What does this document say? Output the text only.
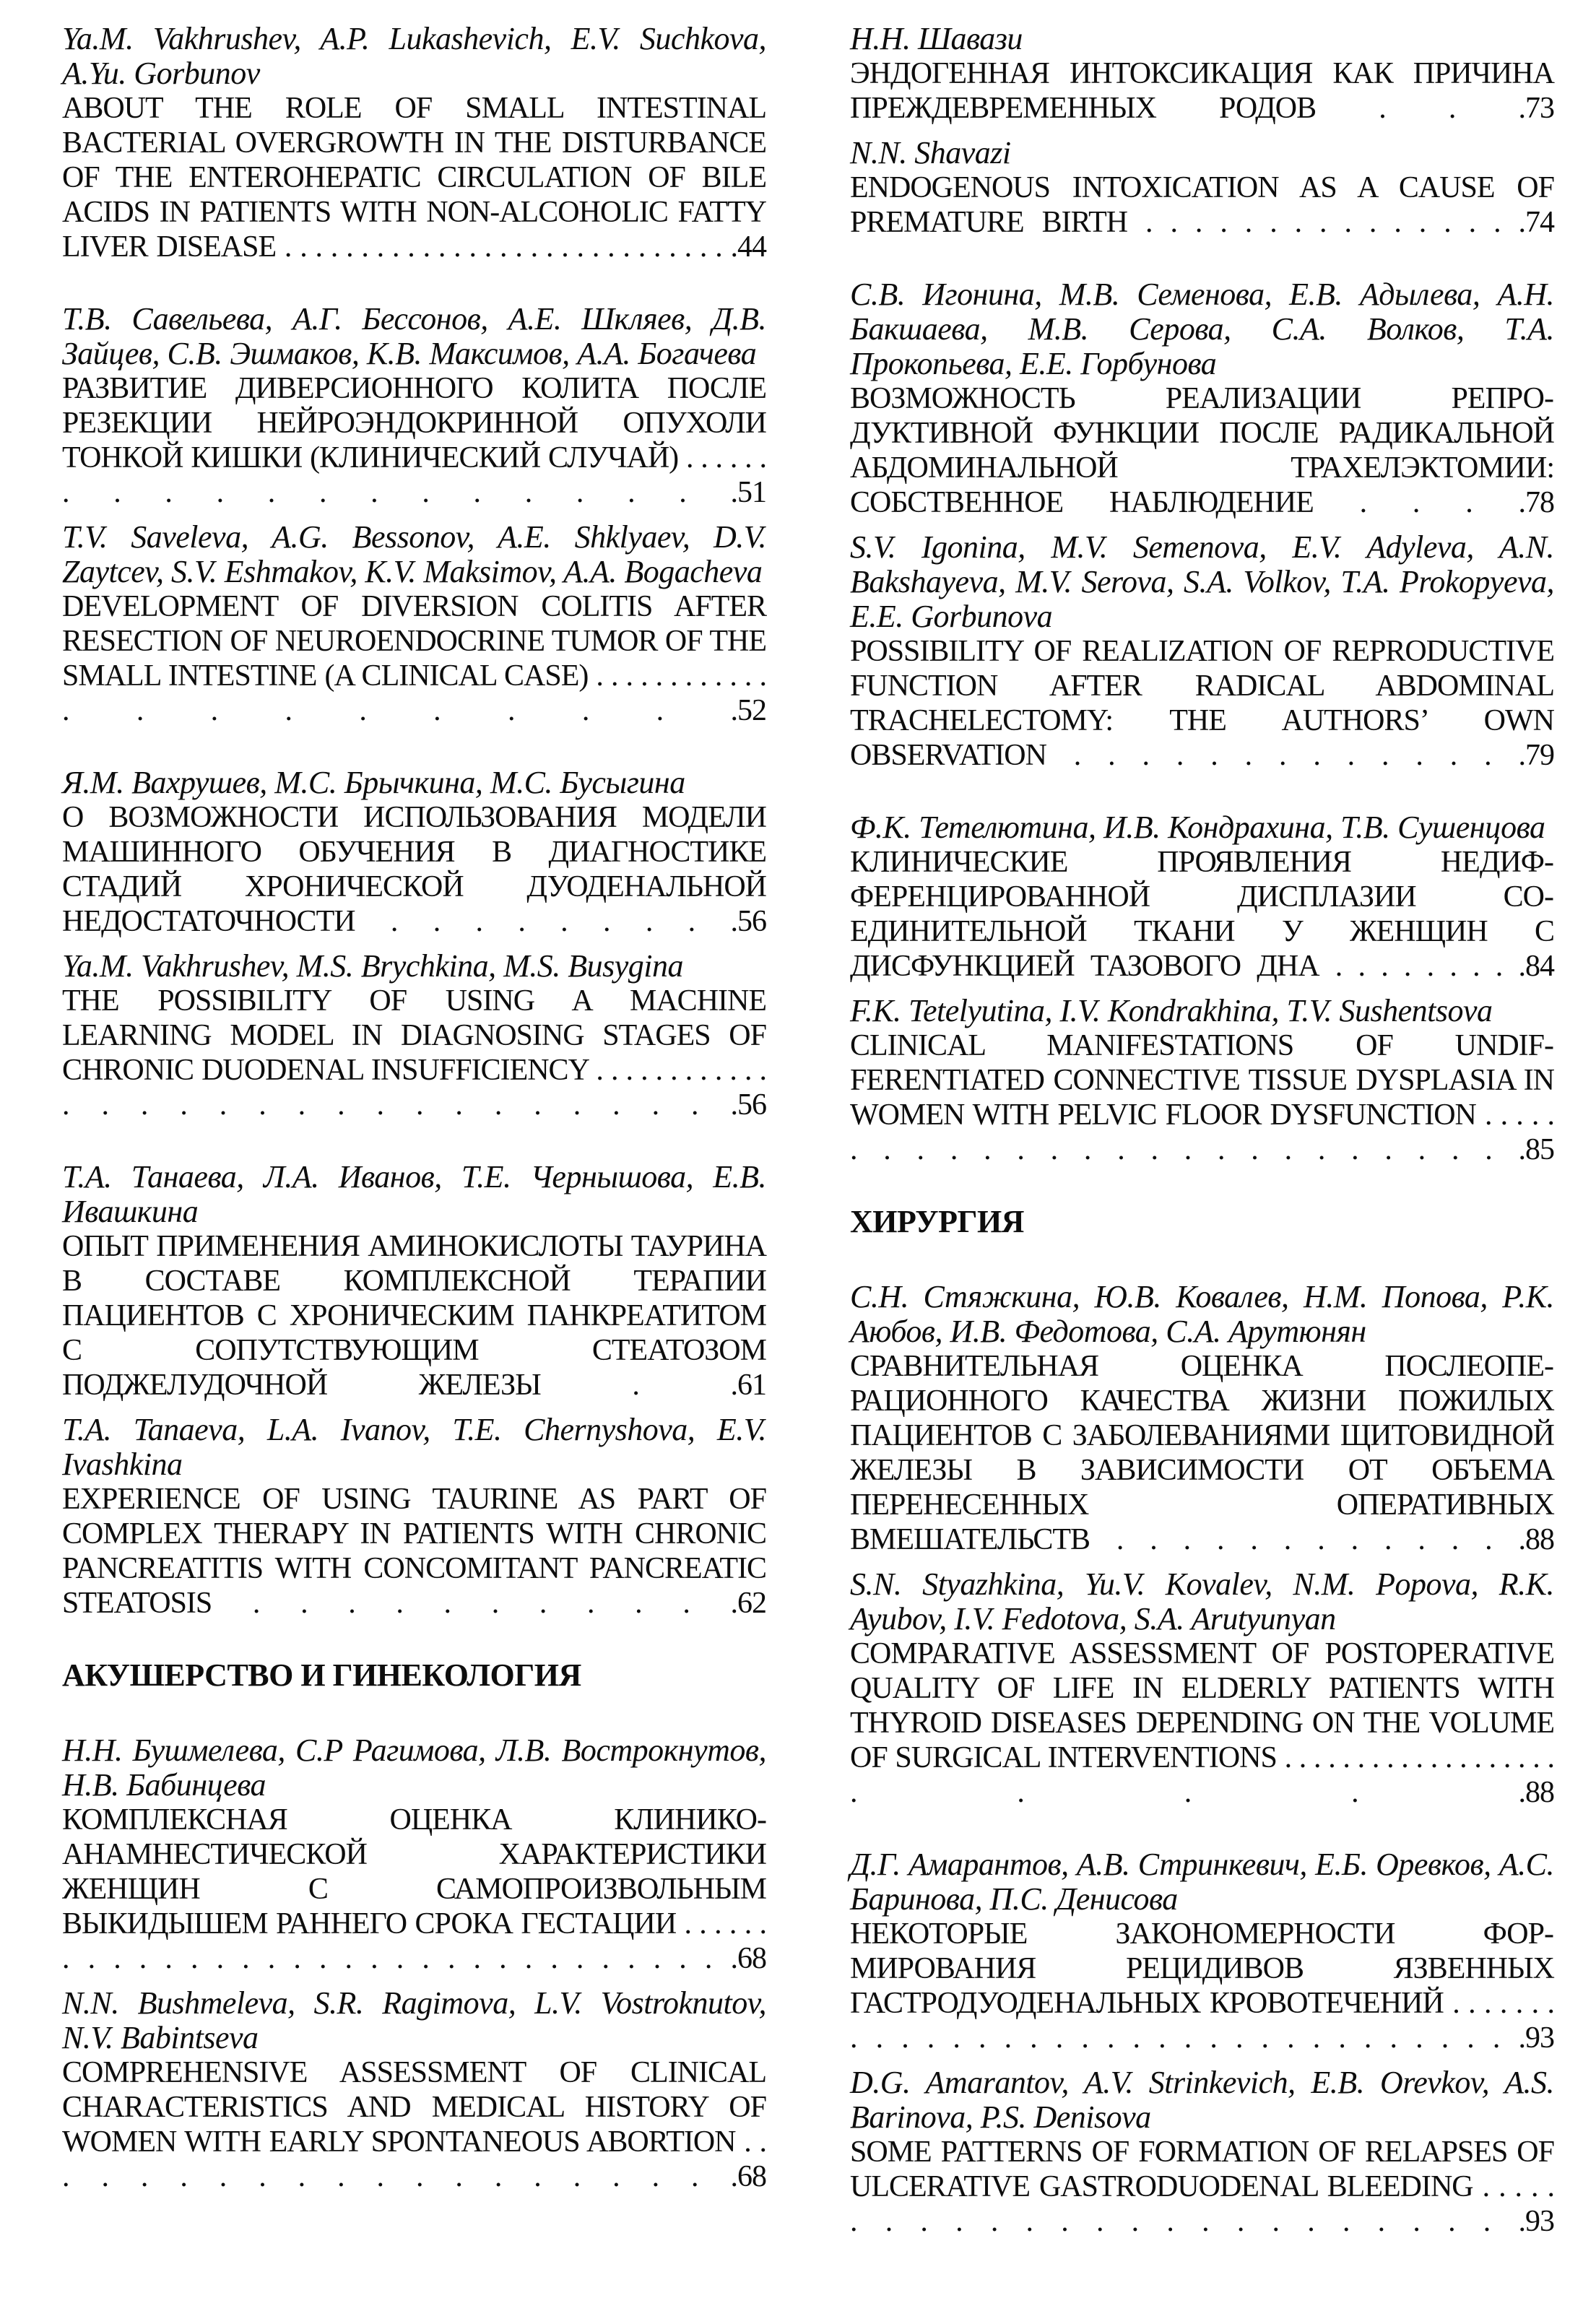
Ya.M. Vakhrushev, A.P. Lukashevich, E.V. Suchkova, A.Yu. Gorbunov

ABOUT THE ROLE OF SMALL INTESTINAL BACTERIAL OVERGROWTH IN THE DISTURBANCE OF THE ENTEROHEPATIC CIRCULATION OF BILE ACIDS IN PATIENTS WITH NON-ALCOHOLIC FATTY LIVER DISEASE . . . . . . . . . . . . . . . . . . . . . . . . . . . . . .44

Т.В. Савельева, А.Г. Бессонов, А.Е. Шкляев, Д.В. Зайцев, С.В. Эшмаков, К.В. Максимов, А.А. Богачева

РАЗВИТИЕ ДИВЕРСИОННОГО КОЛИТА ПОСЛЕ РЕЗЕКЦИИ НЕЙРОЭНДОКРИННОЙ ОПУХОЛИ ТОНКОЙ КИШКИ (КЛИНИЧЕСКИЙ СЛУЧАЙ) . . . . . . . . . . . . . . . . . . . .51

T.V. Saveleva, A.G. Bessonov, A.E. Shklyaev, D.V. Zaytcev, S.V. Eshmakov, K.V. Maksimov, A.A. Bogacheva

DEVELOPMENT OF DIVERSION COLITIS AFTER RESECTION OF NEUROENDOCRINE TUMOR OF THE SMALL INTESTINE (A CLINICAL CASE) . . . . . . . . . . . . . . . . . . . . . .52

Я.М. Вахрушев, М.С. Брычкина, М.С. Бусыгина

О ВОЗМОЖНОСТИ ИСПОЛЬЗОВАНИЯ МОДЕЛИ МАШИННОГО ОБУЧЕНИЯ В ДИАГНОСТИКЕ СТАДИЙ ХРОНИЧЕСКОЙ ДУОДЕНАЛЬНОЙ НЕДОСТАТОЧНОСТИ . . . . . . . . .56

Ya.M. Vakhrushev, M.S. Brychkina, M.S. Busygina

THE POSSIBILITY OF USING A MACHINE LEARNING MODEL IN DIAGNOSING STAGES OF CHRONIC DUODENAL INSUFFICIENCY . . . . . . . . . . . . . . . . . . . . . . . . . . . . . .56

Т.А. Танаева, Л.А. Иванов, Т.Е. Чернышова, Е.В. Ивашкина

ОПЫТ ПРИМЕНЕНИЯ АМИНОКИСЛОТЫ ТАУРИНА В СОСТАВЕ КОМПЛЕКСНОЙ ТЕРАПИИ ПАЦИЕНТОВ С ХРОНИЧЕСКИМ ПАНКРЕАТИТОМ С СОПУТСТВУЮЩИМ СТЕАТОЗОМ ПОДЖЕЛУДОЧНОЙ ЖЕЛЕЗЫ . .61

T.A. Tanaeva, L.A. Ivanov, T.E. Chernyshova, E.V. Ivashkina

EXPERIENCE OF USING TAURINE AS PART OF COMPLEX THERAPY IN PATIENTS WITH CHRONIC PANCREATITIS WITH CONCOMITANT PANCREATIC STEATOSIS . . . . . . . . . . .62

АКУШЕРСТВО И ГИНЕКОЛОГИЯ

Н.Н. Бушмелева, С.Р Рагимова, Л.В. Вострокнутов, Н.В. Бабинцева

КОМПЛЕКСНАЯ ОЦЕНКА КЛИНИКО-АНАМНЕСТИЧЕСКОЙ ХАРАКТЕРИСТИКИ ЖЕНЩИН С САМОПРОИЗВОЛЬНЫМ ВЫКИДЫШЕМ РАННЕГО СРОКА ГЕСТАЦИИ . . . . . . . . . . . . . . . . . . . . . . . . . . . . . . . . .68

N.N. Bushmeleva, S.R. Ragimova, L.V. Vostroknutov, N.V. Babintseva

COMPREHENSIVE ASSESSMENT OF CLINICAL CHARACTERISTICS AND MEDICAL HISTORY OF WOMEN WITH EARLY SPONTANEOUS ABORTION . . . . . . . . . . . . . . . . . . . .68

Н.Н. Шавази

ЭНДОГЕННАЯ ИНТОКСИКАЦИЯ КАК ПРИЧИНА ПРЕЖДЕВРЕМЕННЫХ РОДОВ . . .73

N.N. Shavazi

ENDOGENOUS INTOXICATION AS A CAUSE OF PREMATURE BIRTH . . . . . . . . . . . . . . . .74

С.В. Игонина, М.В. Семенова, Е.В. Адылева, А.Н. Бакшаева, М.В. Серова, С.А. Волков, Т.А. Прокопьева, Е.Е. Горбунова

ВОЗМОЖНОСТЬ РЕАЛИЗАЦИИ РЕПРОДУКТИВНОЙ ФУНКЦИИ ПОСЛЕ РАДИКАЛЬНОЙ АБДОМИНАЛЬНОЙ ТРАХЕЛЭКТОМИИ: СОБСТВЕННОЕ НАБЛЮДЕНИЕ . . . .78

S.V. Igonina, M.V. Semenova, E.V. Adyleva, A.N. Bakshayeva, M.V. Serova, S.A. Volkov, T.A. Prokopyeva, E.E. Gorbunova

POSSIBILITY OF REALIZATION OF REPRODUCTIVE FUNCTION AFTER RADICAL ABDOMINAL TRACHELECTOMY: THE AUTHORS’ OWN OBSERVATION . . . . . . . . . . . . . .79

Ф.К. Тетелютина, И.В. Кондрахина, Т.В. Сушенцова

КЛИНИЧЕСКИЕ ПРОЯВЛЕНИЯ НЕДИФФЕРЕНЦИРОВАННОЙ ДИСПЛАЗИИ СОЕДИНИТЕЛЬНОЙ ТКАНИ У ЖЕНЩИН С ДИСФУНКЦИЕЙ ТАЗОВОГО ДНА . . . . . . . . .84

F.K. Tetelyutina, I.V. Kondrakhina, T.V. Sushentsova

CLINICAL MANIFESTATIONS OF UNDIFFERENTIATED CONNECTIVE TISSUE DYSPLASIA IN WOMEN WITH PELVIC FLOOR DYSFUNCTION . . . . . . . . . . . . . . . . . . . . . . . . . .85

ХИРУРГИЯ

С.Н. Стяжкина, Ю.В. Ковалев, Н.М. Попова, Р.К. Аюбов, И.В. Федотова, С.А. Арутюнян

СРАВНИТЕЛЬНАЯ ОЦЕНКА ПОСЛЕОПЕРАЦИОННОГО КАЧЕСТВА ЖИЗНИ ПОЖИЛЫХ ПАЦИЕНТОВ С ЗАБОЛЕВАНИЯМИ ЩИТОВИДНОЙ ЖЕЛЕЗЫ В ЗАВИСИМОСТИ ОТ ОБЪЕМА ПЕРЕНЕСЕННЫХ ОПЕРАТИВНЫХ ВМЕШАТЕЛЬСТВ . . . . . . . . . . . . .88

S.N. Styazhkina, Yu.V. Kovalev, N.M. Popova, R.K. Ayubov, I.V. Fedotova, S.A. Arutyunyan

COMPARATIVE ASSESSMENT OF POSTOPERATIVE QUALITY OF LIFE IN ELDERLY PATIENTS WITH THYROID DISEASES DEPENDING ON THE VOLUME OF SURGICAL INTERVENTIONS . . . . . . . . . . . . . . . . . . . . . . . .88

Д.Г. Амарантов, А.В. Стринкевич, Е.Б. Оревков, А.С. Баринова, П.С. Денисова

НЕКОТОРЫЕ ЗАКОНОМЕРНОСТИ ФОРМИРОВАНИЯ РЕЦИДИВОВ ЯЗВЕННЫХ ГАСТРОДУОДЕНАЛЬНЫХ КРОВОТЕЧЕНИЙ . . . . . . . . . . . . . . . . . . . . . . . . . . . . . . . . . .93

D.G. Amarantov, A.V. Strinkevich, E.B. Orevkov, A.S. Barinova, P.S. Denisova

SOME PATTERNS OF FORMATION OF RELAPSES OF ULCERATIVE GASTRODUODENAL BLEEDING . . . . . . . . . . . . . . . . . . . . . . . . .93
